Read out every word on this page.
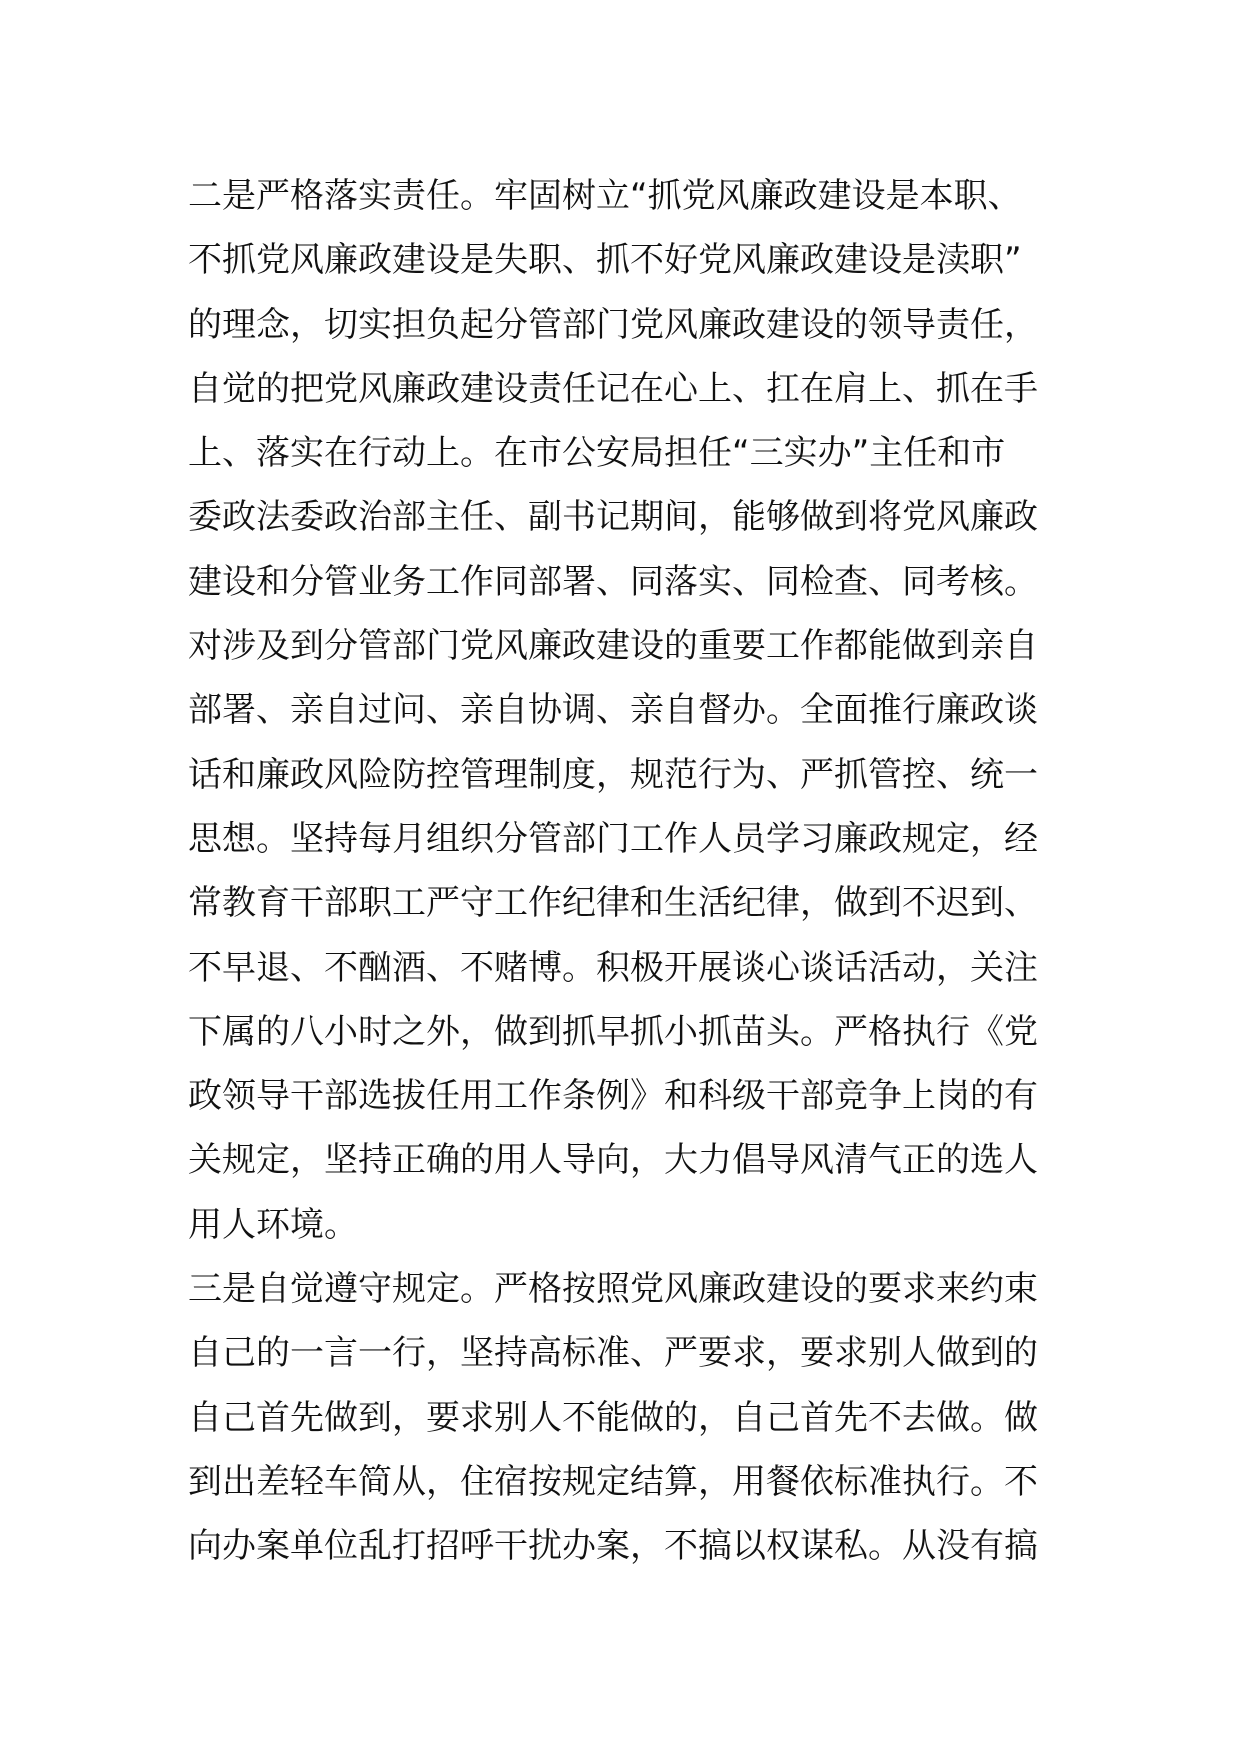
二是严格落实责任。牢固树立“抓党风廉政建设是本职、
不抓党风廉政建设是失职、抓不好党风廉政建设是渎职”
的理念，切实担负起分管部门党风廉政建设的领导责任，
自觉的把党风廉政建设责任记在心上、扛在肩上、抓在手
上、落实在行动上。在市公安局担任“三实办”主任和市
委政法委政治部主任、副书记期间，能够做到将党风廉政
建设和分管业务工作同部署、同落实、同检查、同考核。
对涉及到分管部门党风廉政建设的重要工作都能做到亲自
部署、亲自过问、亲自协调、亲自督办。全面推行廉政谈
话和廉政风险防控管理制度，规范行为、严抓管控、统一
思想。坚持每月组织分管部门工作人员学习廉政规定，经
常教育干部职工严守工作纪律和生活纪律，做到不迟到、
不早退、不酗酒、不赌博。积极开展谈心谈话活动，关注
下属的八小时之外，做到抓早抓小抓苗头。严格执行《党
政领导干部选拔任用工作条例》和科级干部竞争上岗的有
关规定，坚持正确的用人导向，大力倡导风清气正的选人
用人环境。
三是自觉遵守规定。严格按照党风廉政建设的要求来约束
自己的一言一行，坚持高标准、严要求，要求别人做到的
自己首先做到，要求别人不能做的，自己首先不去做。做
到出差轻车简从，住宿按规定结算，用餐依标准执行。不
向办案单位乱打招呼干扰办案，不搞以权谋私。从没有搞
